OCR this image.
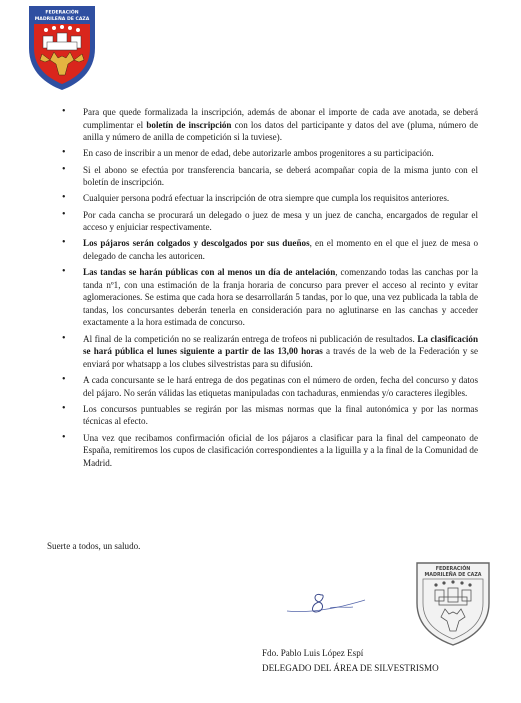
FEDERACIÓN
MADRILEÑA DE CAZA
• Para que quede formalizada la inscripción, además de abonar el importe de cada ave anotada, se deberá cumplimentar el boletín de inscripción con los datos del participante y datos del ave (pluma, número de anilla y número de anilla de competición si la tuviese).
• En caso de inscribir a un menor de edad, debe autorizarle ambos progenitores a su participación.
• Si el abono se efectúa por transferencia bancaria, se deberá acompañar copia de la misma junto con el boletín de inscripción.
• Cualquier persona podrá efectuar la inscripción de otra siempre que cumpla los requisitos anteriores.
• Por cada cancha se procurará un delegado o juez de mesa y un juez de cancha, encargados de regular el acceso y enjuiciar respectivamente.
• Los pájaros serán colgados y descolgados por sus dueños, en el momento en el que el juez de mesa o delegado de cancha les autoricen.
• Las tandas se harán públicas con al menos un día de antelación, comenzando todas las canchas por la tanda nº1, con una estimación de la franja horaria de concurso para prever el acceso al recinto y evitar aglomeraciones. Se estima que cada hora se desarrollarán 5 tandas, por lo que, una vez publicada la tabla de tandas, los concursantes deberán tenerla en consideración para no aglutinarse en las canchas y acceder exactamente a la hora estimada de concurso.
• Al final de la competición no se realizarán entrega de trofeos ni publicación de resultados. La clasificación se hará pública el lunes siguiente a partir de las 13,00 horas a través de la web de la Federación y se enviará por whatsapp a los clubes silvestristas para su difusión.
• A cada concursante se le hará entrega de dos pegatinas con el número de orden, fecha del concurso y datos del pájaro. No serán válidas las etiquetas manipuladas con tachaduras, enmiendas y/o caracteres ilegibles.
• Los concursos puntuables se regirán por las mismas normas que la final autonómica y por las normas técnicas al efecto.
• Una vez que recibamos confirmación oficial de los pájaros a clasificar para la final del campeonato de España, remitiremos los cupos de clasificación correspondientes a la liguilla y a la final de la Comunidad de Madrid.
Suerte a todos, un saludo.
FEDERACIÓN
MADRILEÑA DE CAZA
Fdo. Pablo Luis López Espí
DELEGADO DEL ÁREA DE SILVESTRISMO
